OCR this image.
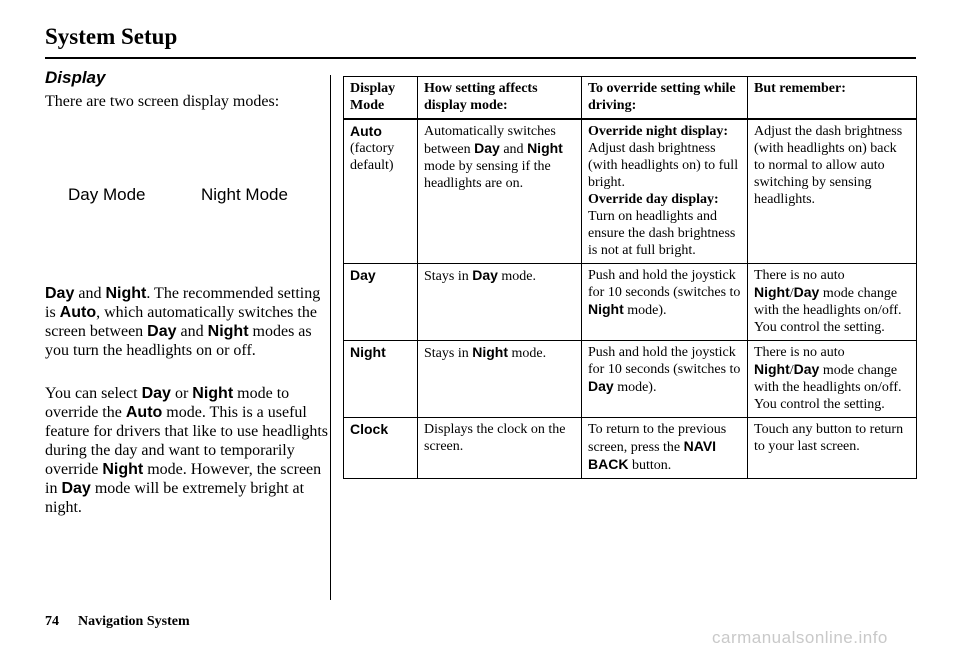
System Setup
Display
There are two screen display modes:
Day Mode	Night Mode

Day and Night. The recommended setting is Auto, which automatically switches the screen between Day and Night modes as you turn the headlights on or off.

You can select Day or Night mode to override the Auto mode. This is a useful feature for drivers that like to use headlights during the day and want to temporarily override Night mode. However, the screen in Day mode will be extremely bright at night.

Display Mode	How setting affects display mode:	To override setting while driving:	But remember:
Auto
(factory default)	Automatically switches between Day and Night mode by sensing if the headlights are on.	Override night display:
Adjust dash brightness (with headlights on) to full bright.
Override day display:
Turn on headlights and ensure the dash brightness is not at full bright.	Adjust the dash brightness (with headlights on) back to normal to allow auto switching by sensing headlights.
Day	Stays in Day mode.	Push and hold the joystick for 10 seconds (switches to Night mode).	There is no auto Night/Day mode change with the headlights on/off. You control the setting.
Night	Stays in Night mode.	Push and hold the joystick for 10 seconds (switches to Day mode).	There is no auto Night/Day mode change with the headlights on/off. You control the setting.
Clock	Displays the clock on the screen.	To return to the previous screen, press the NAVI BACK button.	Touch any button to return to your last screen.
74 Navigation System
carmanualsonline.info
